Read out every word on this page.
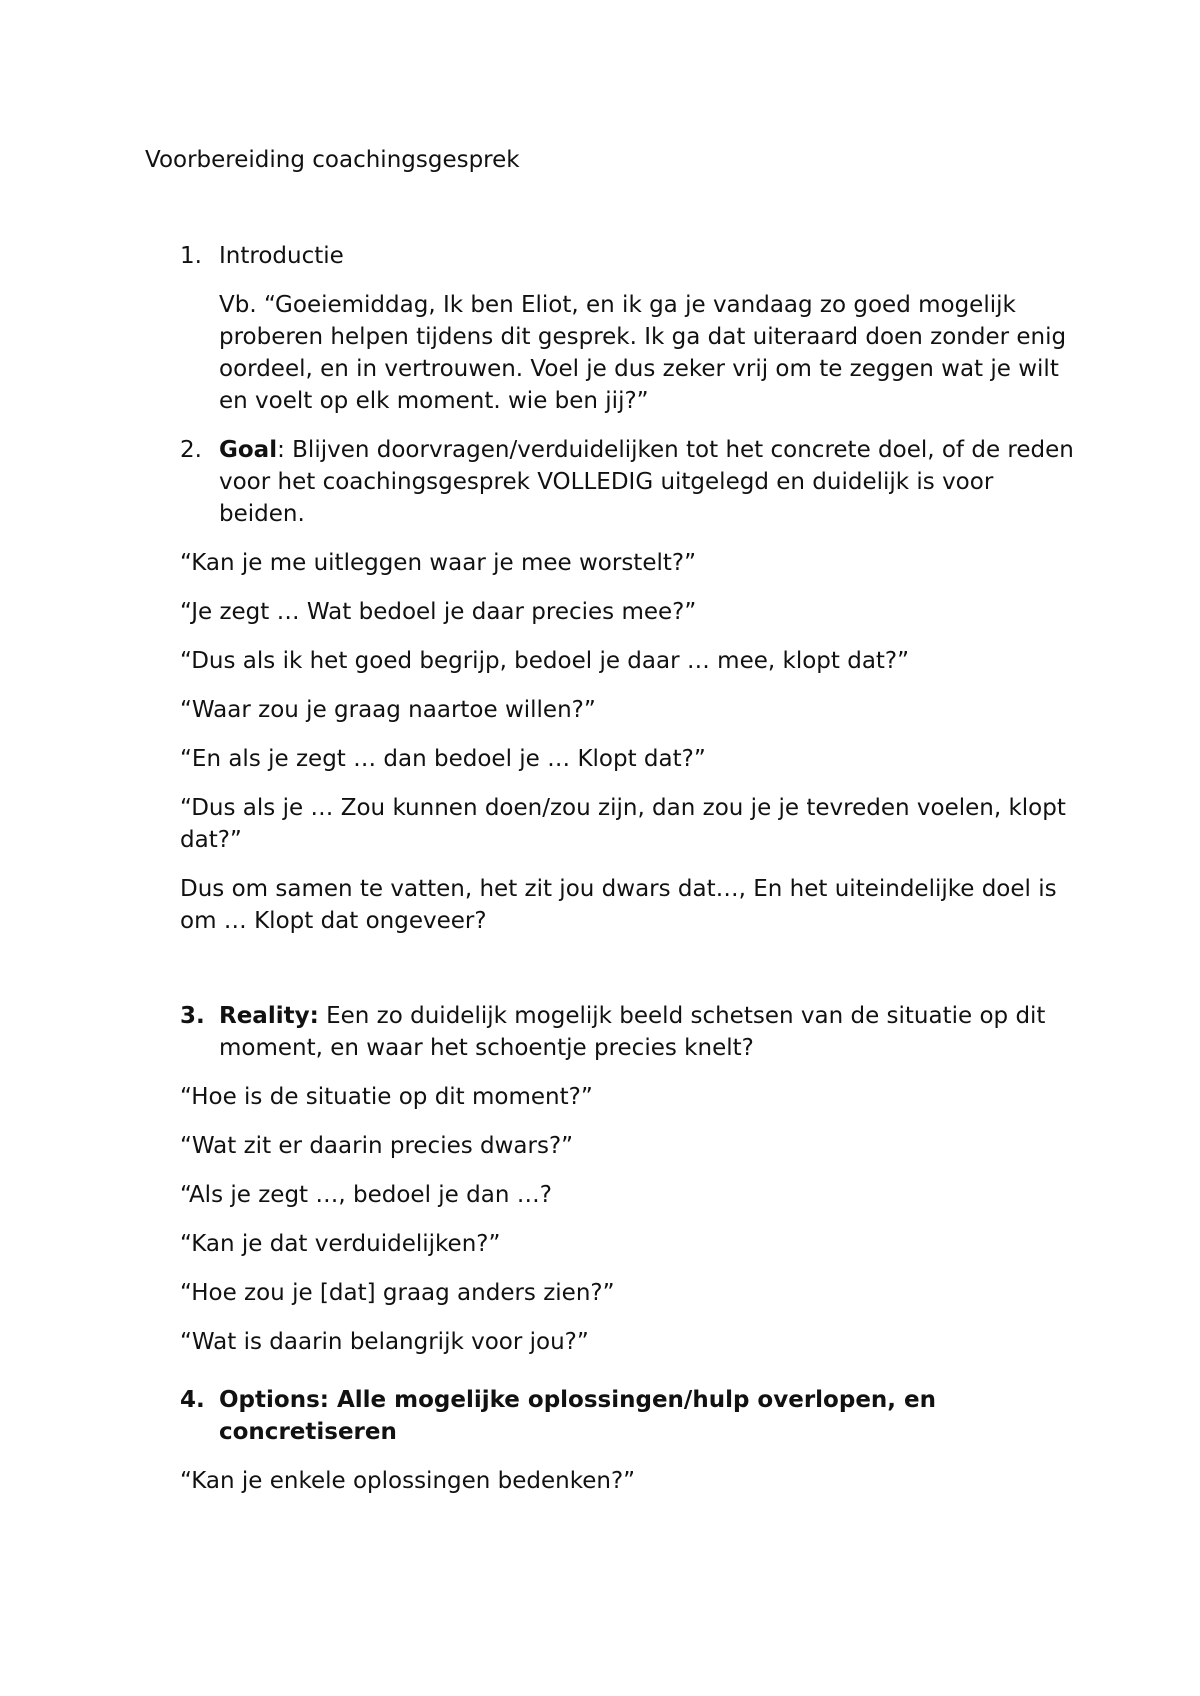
Voorbereiding coachingsgesprek
1. Introductie

Vb. “Goeiemiddag, Ik ben Eliot, en ik ga je vandaag zo goed mogelijk proberen helpen tijdens dit gesprek. Ik ga dat uiteraard doen zonder enig oordeel, en in vertrouwen. Voel je dus zeker vrij om te zeggen wat je wilt en voelt op elk moment. wie ben jij?”

2. Goal: Blijven doorvragen/verduidelijken tot het concrete doel, of de reden voor het coachingsgesprek VOLLEDIG uitgelegd en duidelijk is voor beiden.

“Kan je me uitleggen waar je mee worstelt?”

“Je zegt … Wat bedoel je daar precies mee?”

“Dus als ik het goed begrijp, bedoel je daar … mee, klopt dat?”

“Waar zou je graag naartoe willen?”

“En als je zegt … dan bedoel je … Klopt dat?”

“Dus als je … Zou kunnen doen/zou zijn, dan zou je je tevreden voelen, klopt dat?”

Dus om samen te vatten, het zit jou dwars dat…, En het uiteindelijke doel is om … Klopt dat ongeveer?

3. Reality: Een zo duidelijk mogelijk beeld schetsen van de situatie op dit moment, en waar het schoentje precies knelt?

“Hoe is de situatie op dit moment?”

“Wat zit er daarin precies dwars?”

“Als je zegt …, bedoel je dan …?

“Kan je dat verduidelijken?”

“Hoe zou je [dat] graag anders zien?”

“Wat is daarin belangrijk voor jou?”

4. Options: Alle mogelijke oplossingen/hulp overlopen, en concretiseren

“Kan je enkele oplossingen bedenken?”
